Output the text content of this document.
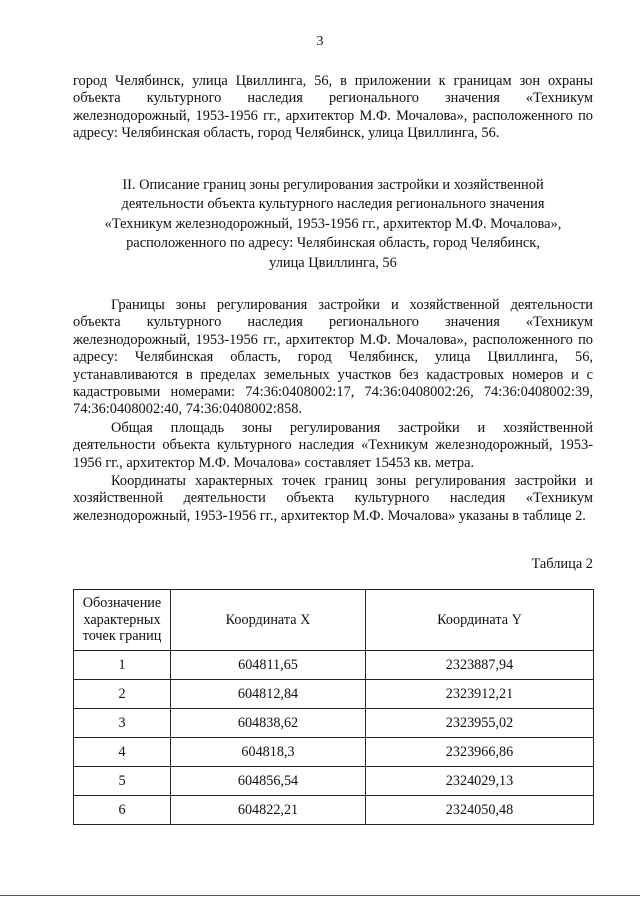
3
город Челябинск, улица Цвиллинга, 56, в приложении к границам зон охраны объекта культурного наследия регионального значения «Техникум железнодорожный, 1953-1956 гг., архитектор М.Ф. Мочалова», расположенного по адресу: Челябинская область, город Челябинск, улица Цвиллинга, 56.
II. Описание границ зоны регулирования застройки и хозяйственной
деятельности объекта культурного наследия регионального значения
«Техникум железнодорожный, 1953-1956 гг., архитектор М.Ф. Мочалова»,
расположенного по адресу: Челябинская область, город Челябинск,
улица Цвиллинга, 56
Границы зоны регулирования застройки и хозяйственной деятельности объекта культурного наследия регионального значения «Техникум железнодорожный, 1953-1956 гг., архитектор М.Ф. Мочалова», расположенного по адресу: Челябинская область, город Челябинск, улица Цвиллинга, 56, устанавливаются в пределах земельных участков без кадастровых номеров и с кадастровыми номерами: 74:36:0408002:17, 74:36:0408002:26, 74:36:0408002:39, 74:36:0408002:40, 74:36:0408002:858.
Общая площадь зоны регулирования застройки и хозяйственной деятельности объекта культурного наследия «Техникум железнодорожный, 1953-1956 гг., архитектор М.Ф. Мочалова» составляет 15453 кв. метра.
Координаты характерных точек границ зоны регулирования застройки и хозяйственной деятельности объекта культурного наследия «Техникум железнодорожный, 1953-1956 гг., архитектор М.Ф. Мочалова» указаны в таблице 2.
Таблица 2
Обозначение
характерных
точек границ	Координата X	Координата Y
1	604811,65	2323887,94
2	604812,84	2323912,21
3	604838,62	2323955,02
4	604818,3	2323966,86
5	604856,54	2324029,13
6	604822,21	2324050,48
